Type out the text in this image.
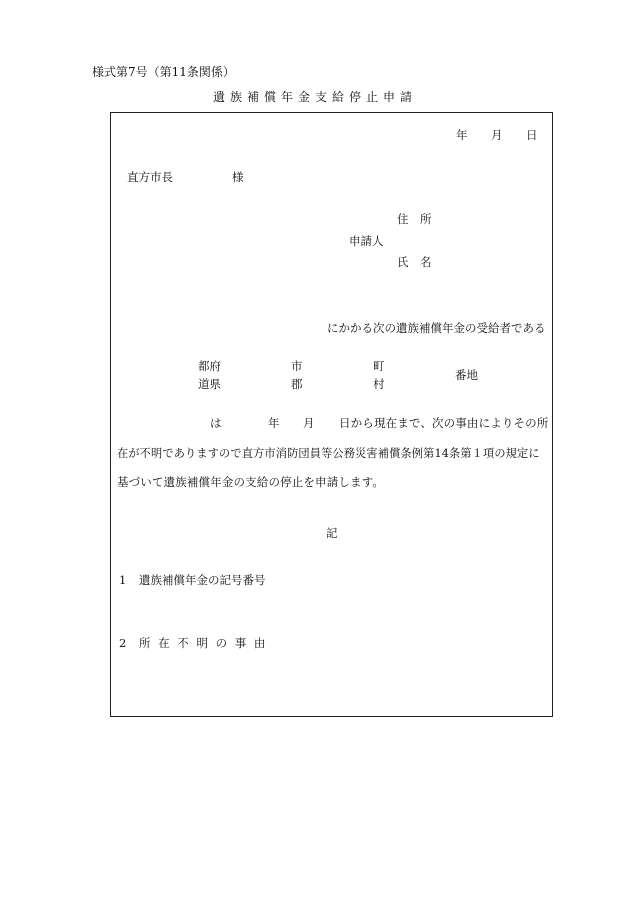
様式第7号（第11条関係）
遺族補償年金支給停止申請
年 月 日
直方市長	様
住　所
申請人
氏　名
にかかる次の遺族補償年金の受給者である
都府
道県
市
郡
町
村
番地
は	年 月 日から現在まで、次の事由によりその所
在が不明でありますので直方市消防団員等公務災害補償条例第14条第１項の規定に
基づいて遺族補償年金の支給の停止を申請します。
記
1 遺族補償年金の記号番号
2 所 在 不 明 の 事 由
